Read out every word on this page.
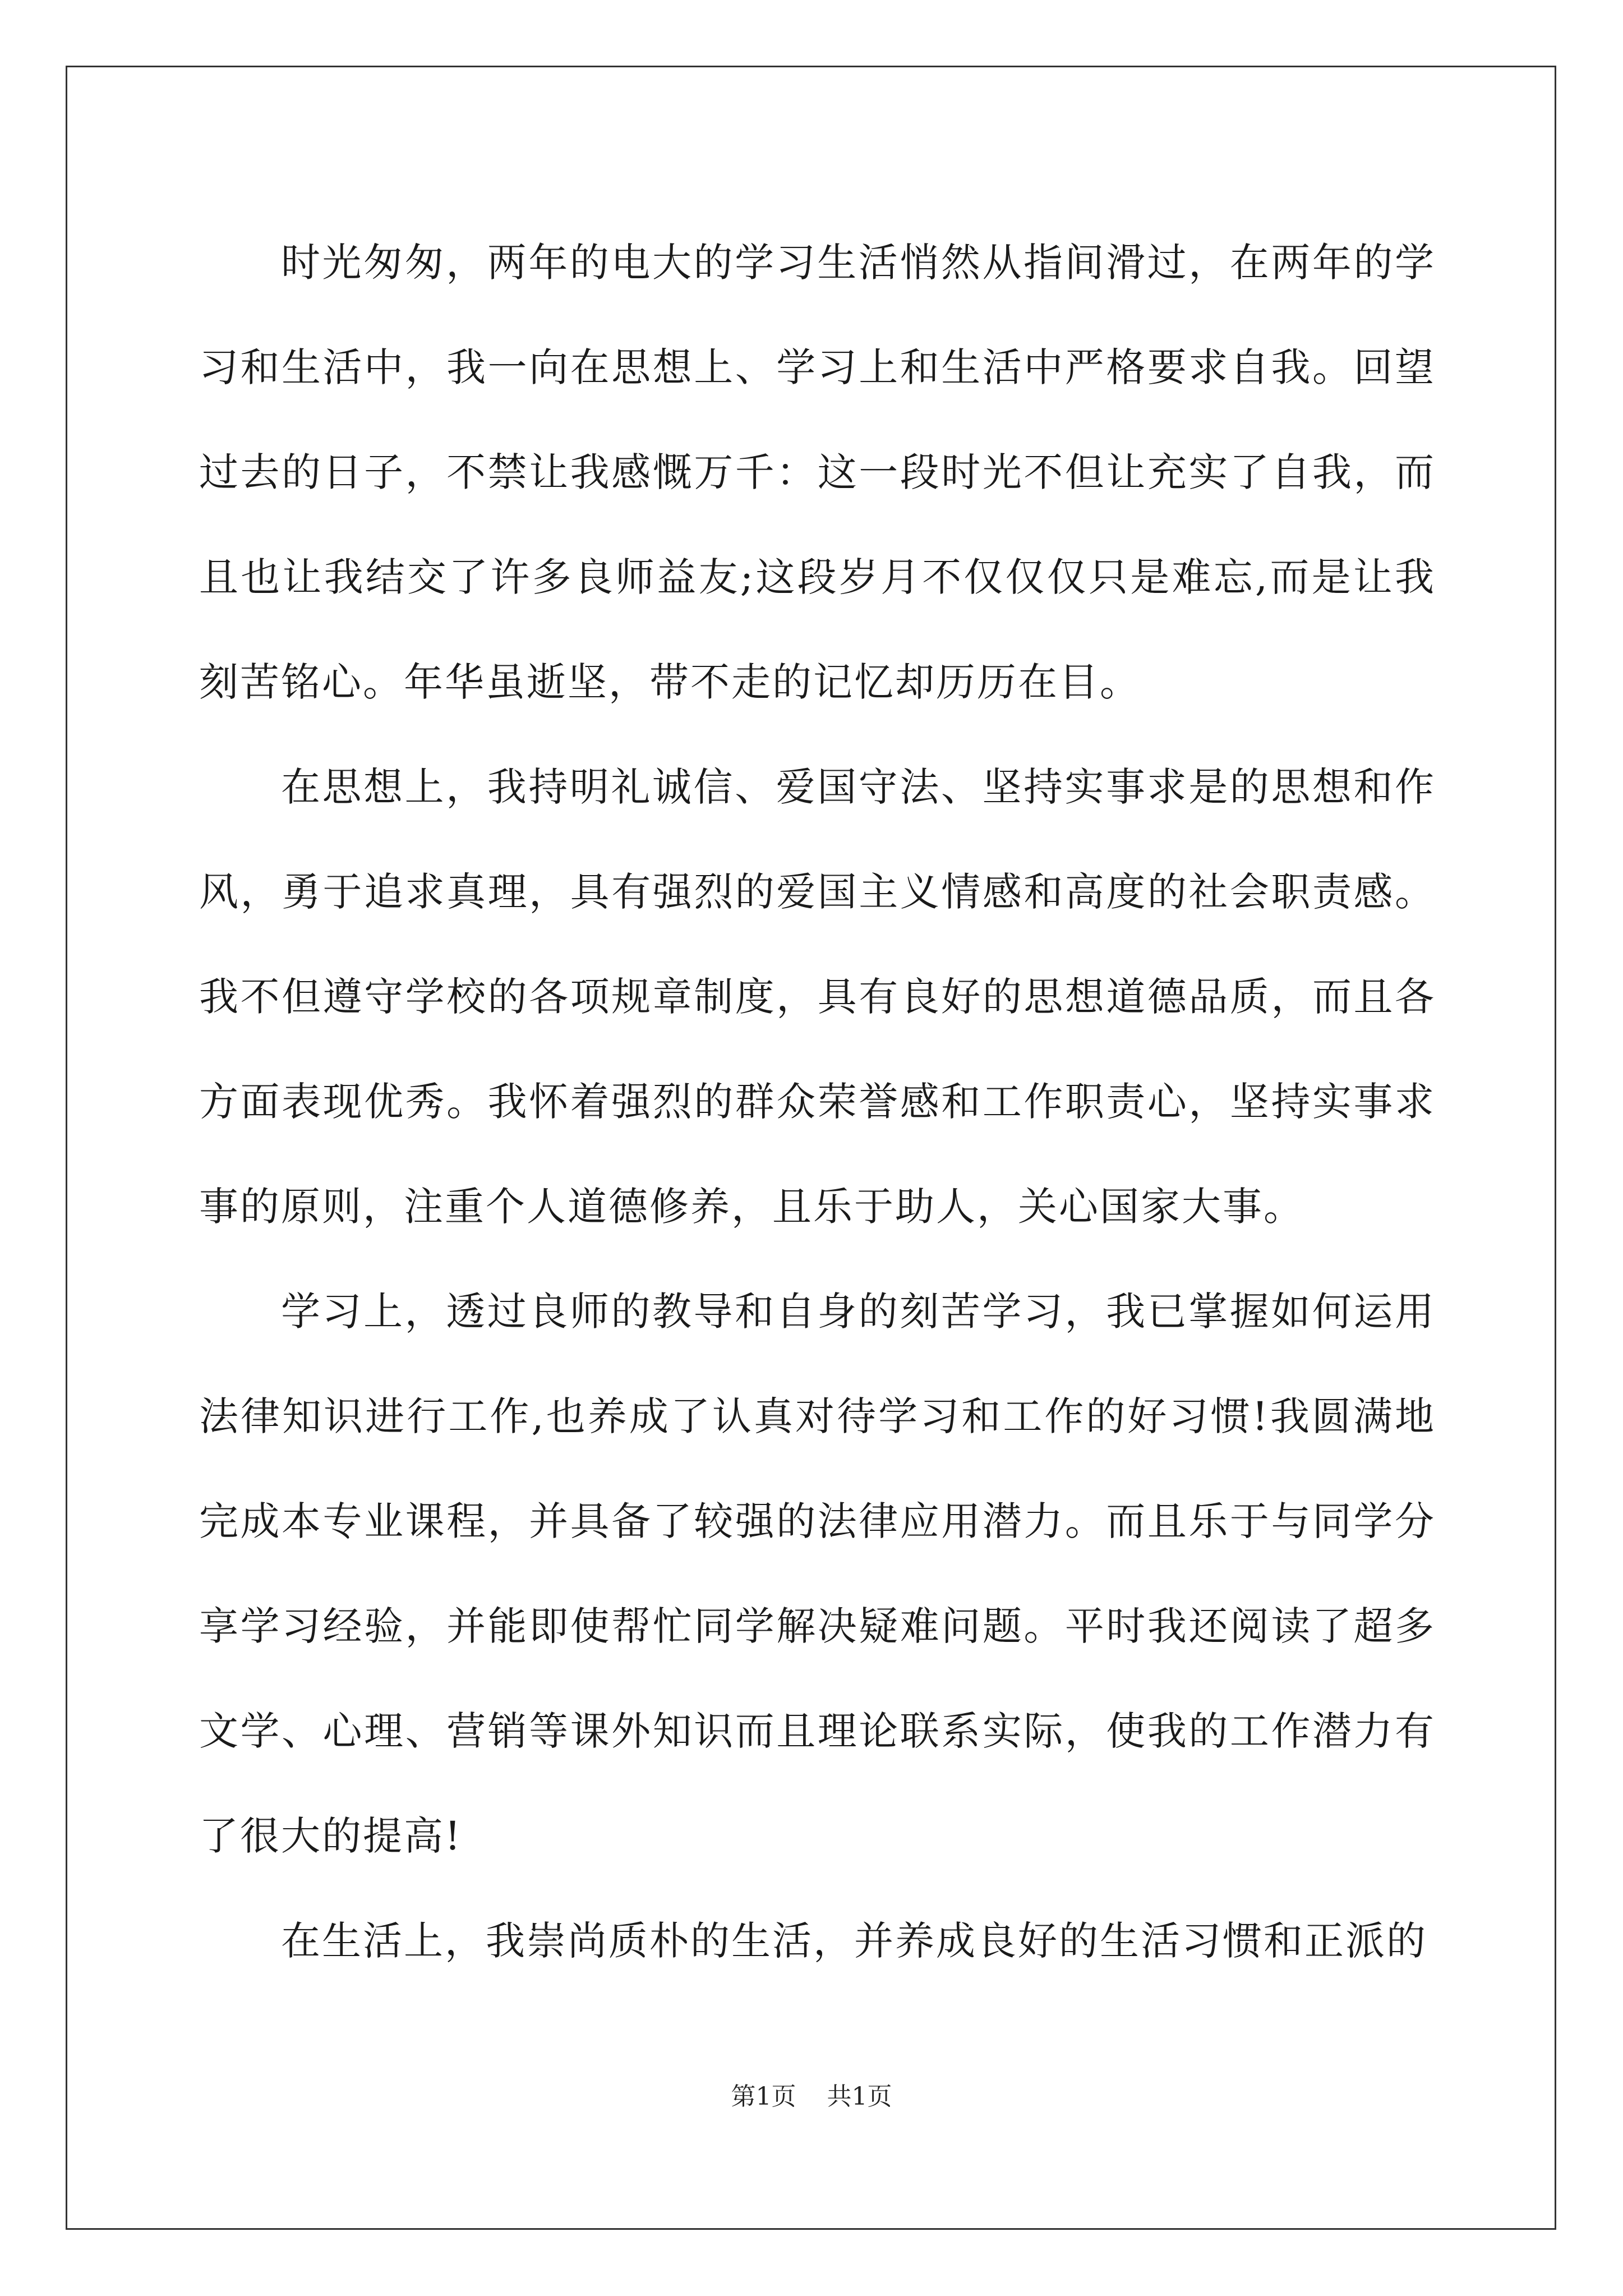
时光匆匆，两年的电大的学习生活悄然从指间滑过，在两年的学习和生活中，我一向在思想上、学习上和生活中严格要求自我。回望过去的日子，不禁让我感慨万千：这一段时光不但让充实了自我，而且也让我结交了许多良师益友;这段岁月不仅仅仅只是难忘,而是让我刻苦铭心。年华虽逝坚，带不走的记忆却历历在目。

在思想上，我持明礼诚信、爱国守法、坚持实事求是的思想和作风，勇于追求真理，具有强烈的爱国主义情感和高度的社会职责感。我不但遵守学校的各项规章制度，具有良好的思想道德品质，而且各方面表现优秀。我怀着强烈的群众荣誉感和工作职责心，坚持实事求事的原则，注重个人道德修养，且乐于助人，关心国家大事。

学习上，透过良师的教导和自身的刻苦学习，我已掌握如何运用法律知识进行工作,也养成了认真对待学习和工作的好习惯!我圆满地完成本专业课程，并具备了较强的法律应用潜力。而且乐于与同学分享学习经验，并能即使帮忙同学解决疑难问题。平时我还阅读了超多文学、心理、营销等课外知识而且理论联系实际，使我的工作潜力有了很大的提高!

在生活上，我崇尚质朴的生活，并养成良好的生活习惯和正派的

第1页 共1页
